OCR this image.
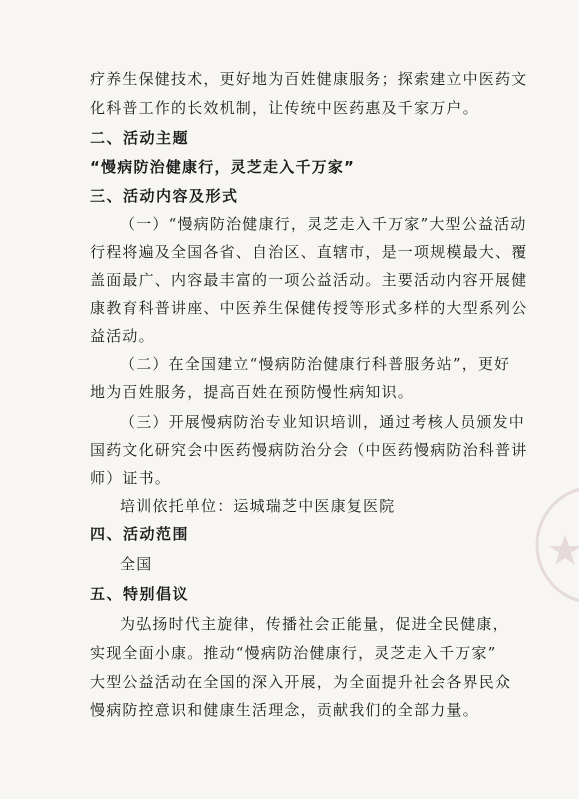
疗养生保健技术，更好地为百姓健康服务；探索建立中医药文
化科普工作的长效机制，让传统中医药惠及千家万户。
二、活动主题
“慢病防治健康行，灵芝走入千万家”
三、活动内容及形式
（一）“慢病防治健康行，灵芝走入千万家”大型公益活动
行程将遍及全国各省、自治区、直辖市，是一项规模最大、覆
盖面最广、内容最丰富的一项公益活动。主要活动内容开展健
康教育科普讲座、中医养生保健传授等形式多样的大型系列公
益活动。
（二）在全国建立“慢病防治健康行科普服务站”，更好
地为百姓服务，提高百姓在预防慢性病知识。
（三）开展慢病防治专业知识培训，通过考核人员颁发中
国药文化研究会中医药慢病防治分会（中医药慢病防治科普讲
师）证书。
培训依托单位：运城瑞芝中医康复医院
四、活动范围
全国
五、特别倡议
为弘扬时代主旋律，传播社会正能量，促进全民健康，
实现全面小康。推动“慢病防治健康行，灵芝走入千万家”
大型公益活动在全国的深入开展，为全面提升社会各界民众
慢病防控意识和健康生活理念，贡献我们的全部力量。
